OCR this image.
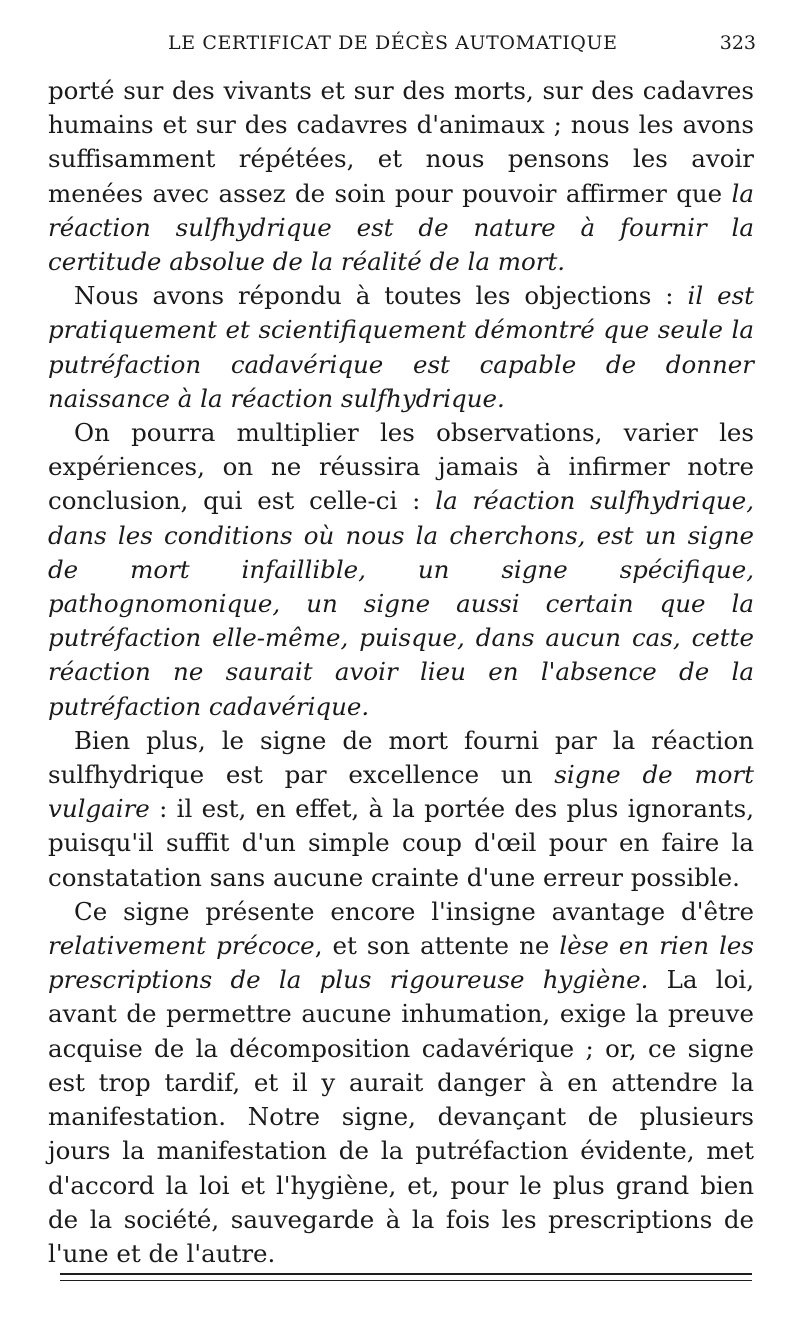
LE CERTIFICAT DE DÉCÈS AUTOMATIQUE	323

porté sur des vivants et sur des morts, sur des cadavres humains et sur des cadavres d'animaux ; nous les avons suffisamment répétées, et nous pensons les avoir menées avec assez de soin pour pouvoir affirmer que la réaction sulfhydrique est de nature à fournir la certitude absolue de la réalité de la mort.

Nous avons répondu à toutes les objections : il est pratiquement et scientifiquement démontré que seule la putréfaction cadavérique est capable de donner naissance à la réaction sulfhydrique.

On pourra multiplier les observations, varier les expériences, on ne réussira jamais à infirmer notre conclusion, qui est celle-ci : la réaction sulfhydrique, dans les conditions où nous la cherchons, est un signe de mort infaillible, un signe spécifique, pathognomonique, un signe aussi certain que la putréfaction elle-même, puisque, dans aucun cas, cette réaction ne saurait avoir lieu en l'absence de la putréfaction cadavérique.

Bien plus, le signe de mort fourni par la réaction sulfhydrique est par excellence un signe de mort vulgaire : il est, en effet, à la portée des plus ignorants, puisqu'il suffit d'un simple coup d'œil pour en faire la constatation sans aucune crainte d'une erreur possible.

Ce signe présente encore l'insigne avantage d'être relativement précoce, et son attente ne lèse en rien les prescriptions de la plus rigoureuse hygiène. La loi, avant de permettre aucune inhumation, exige la preuve acquise de la décomposition cadavérique ; or, ce signe est trop tardif, et il y aurait danger à en attendre la manifestation. Notre signe, devançant de plusieurs jours la manifestation de la putréfaction évidente, met d'accord la loi et l'hygiène, et, pour le plus grand bien de la société, sauvegarde à la fois les prescriptions de l'une et de l'autre.
